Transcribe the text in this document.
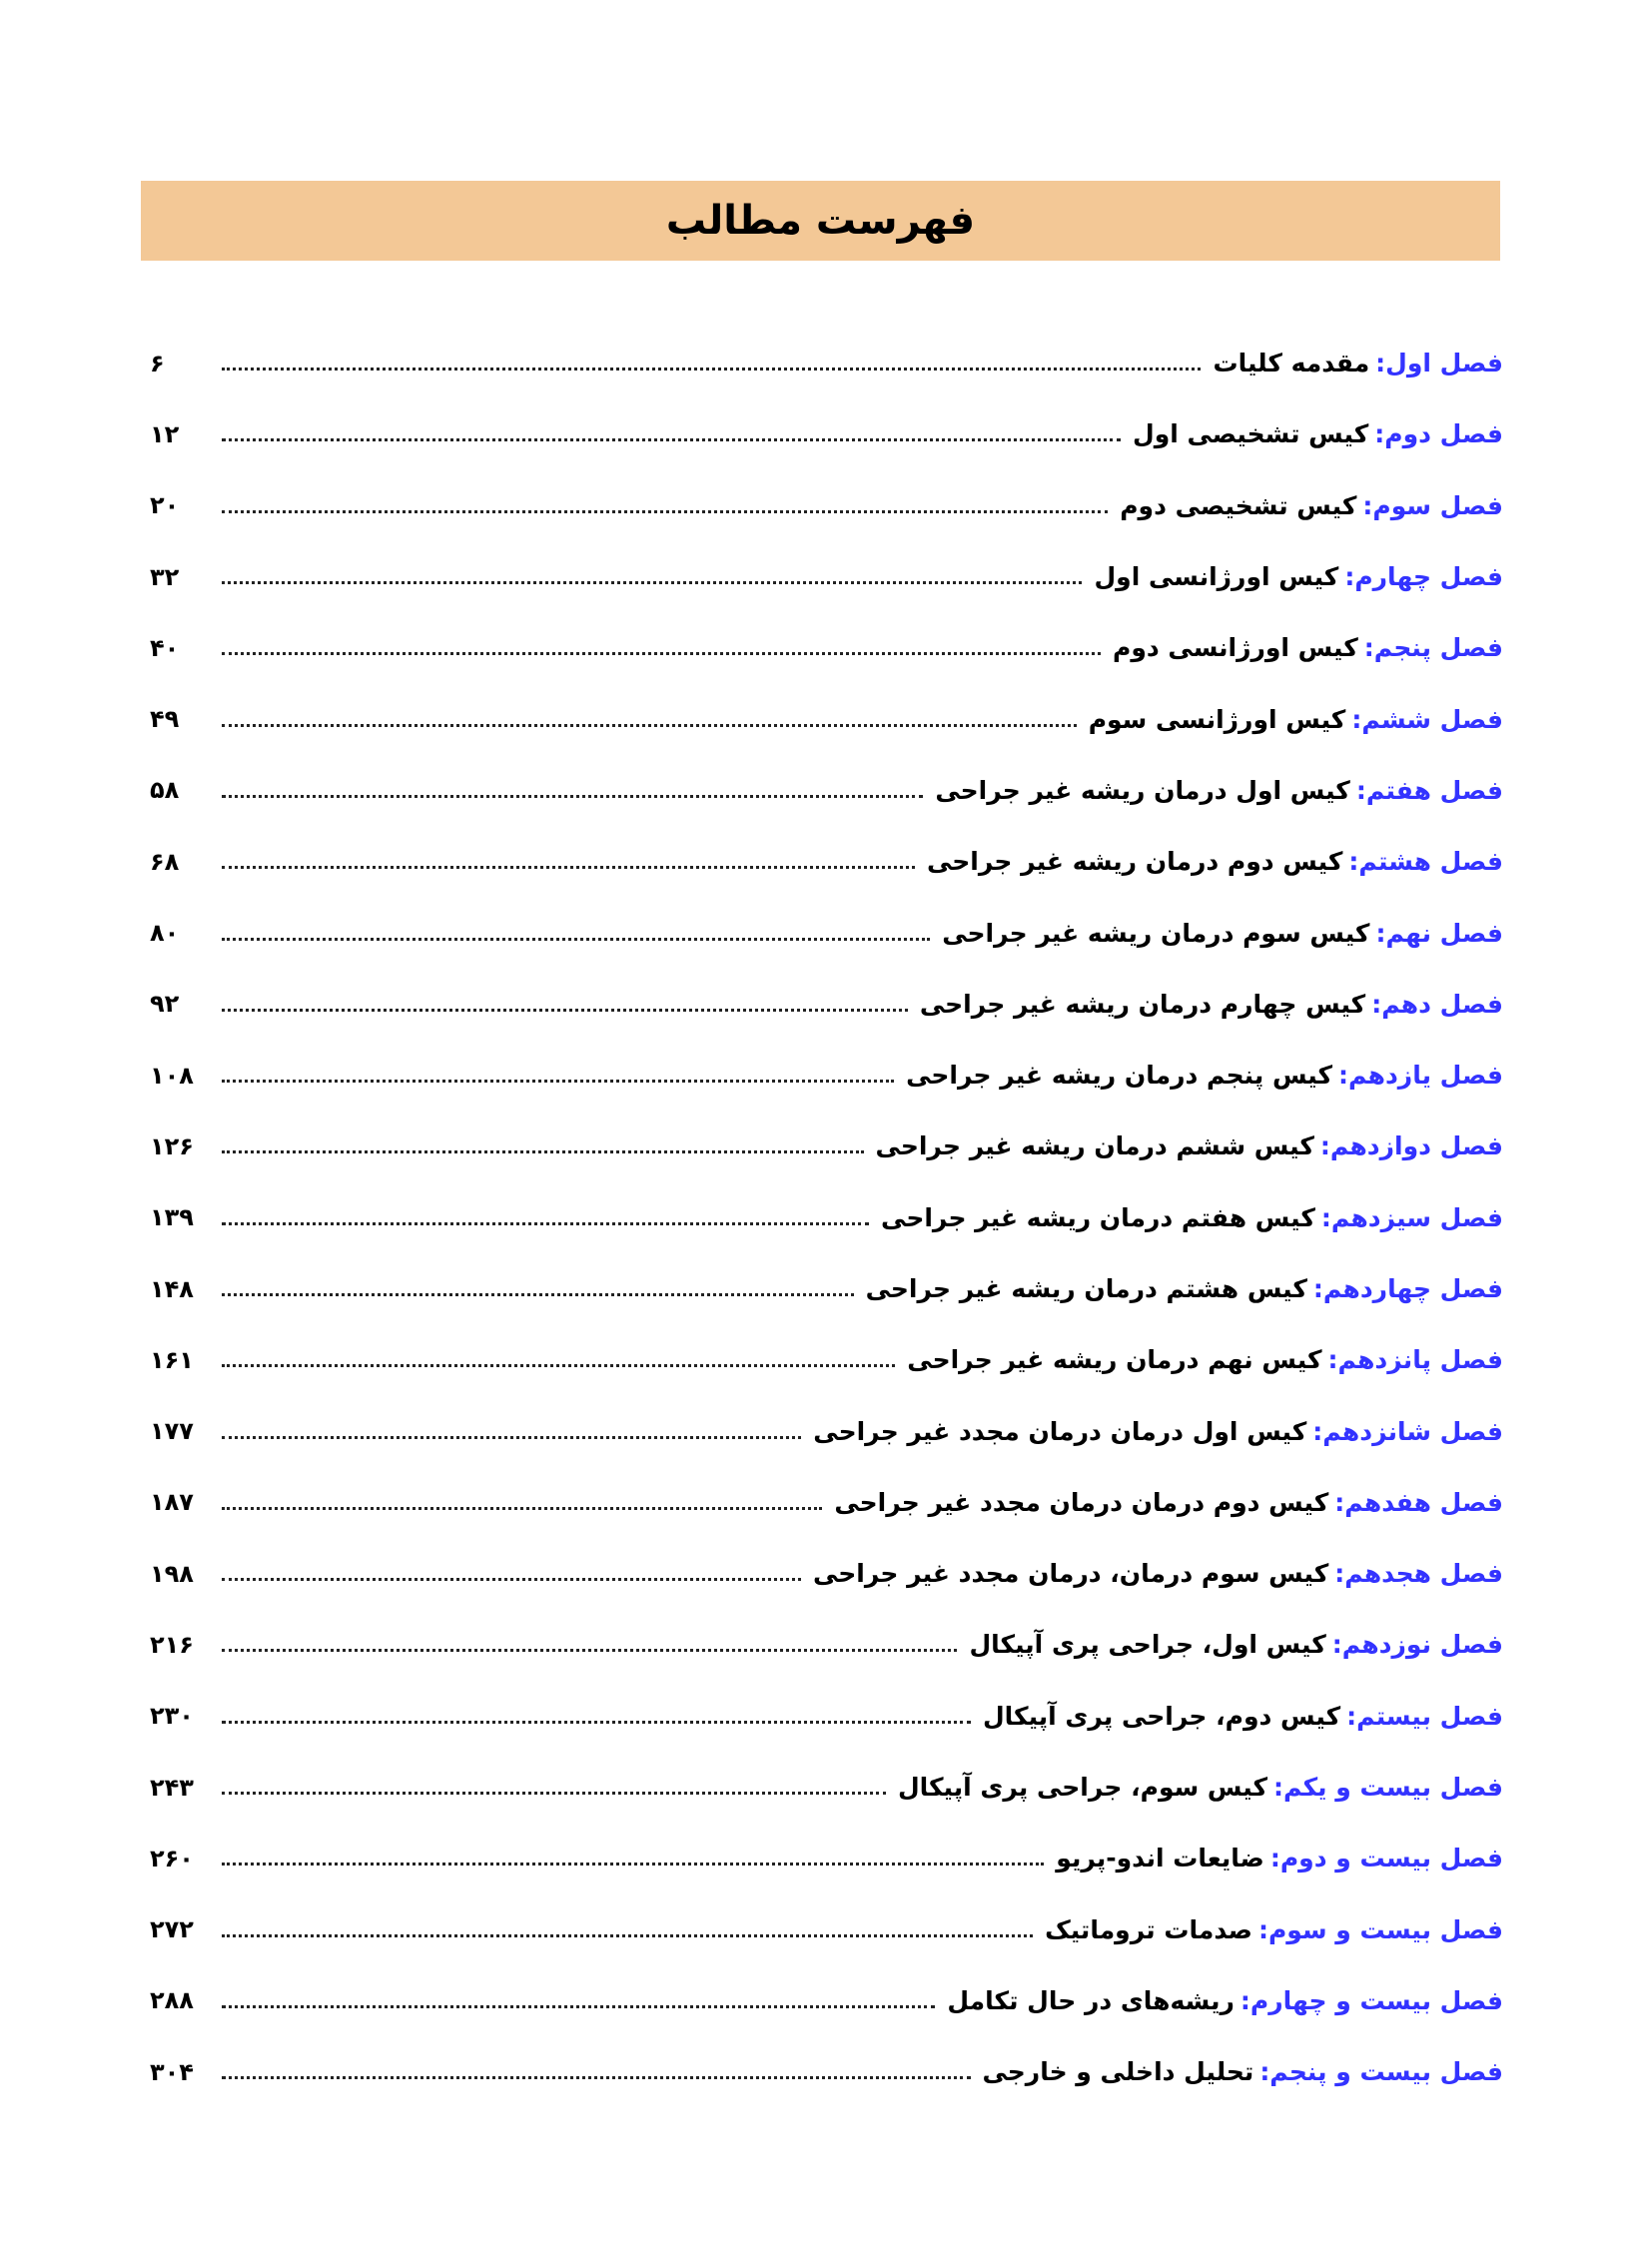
فهرست مطالب
فصل اول:
مقدمه کلیات
۶
فصل دوم:
کیس تشخیصی اول
۱۲
فصل سوم:
کیس تشخیصی دوم
۲۰
فصل چهارم:
کیس اورژانسی اول
۳۲
فصل پنجم:
کیس اورژانسی دوم
۴۰
فصل ششم:
کیس اورژانسی سوم
۴۹
فصل هفتم:
کیس اول درمان ریشه غیر جراحی
۵۸
فصل هشتم:
کیس دوم درمان ریشه غیر جراحی
۶۸
فصل نهم:
کیس سوم درمان ریشه غیر جراحی
۸۰
فصل دهم:
کیس چهارم درمان ریشه غیر جراحی
۹۲
فصل یازدهم:
کیس پنجم درمان ریشه غیر جراحی
۱۰۸
فصل دوازدهم:
کیس ششم درمان ریشه غیر جراحی
۱۲۶
فصل سیزدهم:
کیس هفتم درمان ریشه غیر جراحی
۱۳۹
فصل چهاردهم:
کیس هشتم درمان ریشه غیر جراحی
۱۴۸
فصل پانزدهم:
کیس نهم درمان ریشه غیر جراحی
۱۶۱
فصل شانزدهم:
کیس اول درمان درمان مجدد غیر جراحی
۱۷۷
فصل هفدهم:
کیس دوم درمان درمان مجدد غیر جراحی
۱۸۷
فصل هجدهم:
کیس سوم درمان، درمان مجدد غیر جراحی
۱۹۸
فصل نوزدهم:
کیس اول، جراحی پری آپیکال
۲۱۶
فصل بیستم:
کیس دوم، جراحی پری آپیکال
۲۳۰
فصل بیست و یکم:
کیس سوم، جراحی پری آپیکال
۲۴۳
فصل بیست و دوم:
ضایعات اندو-پریو
۲۶۰
فصل بیست و سوم:
صدمات تروماتیک
۲۷۲
فصل بیست و چهارم:
ریشه‌های در حال تکامل
۲۸۸
فصل بیست و پنجم:
تحلیل داخلی و خارجی
۳۰۴
